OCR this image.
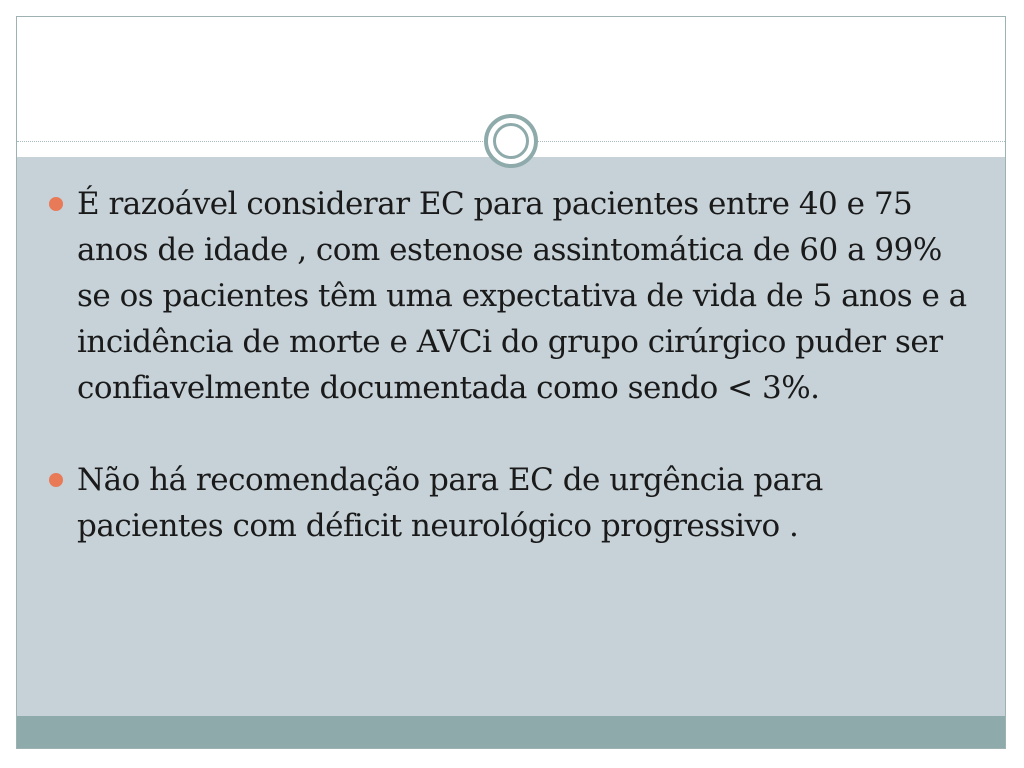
É razoável considerar EC para pacientes entre 40 e 75 anos de idade , com estenose assintomática de 60 a 99% se os pacientes têm uma expectativa de vida de 5 anos e a incidência de morte e AVCi do grupo cirúrgico puder ser confiavelmente documentada como sendo < 3%.
Não há recomendação para EC de urgência para pacientes com déficit neurológico progressivo .
